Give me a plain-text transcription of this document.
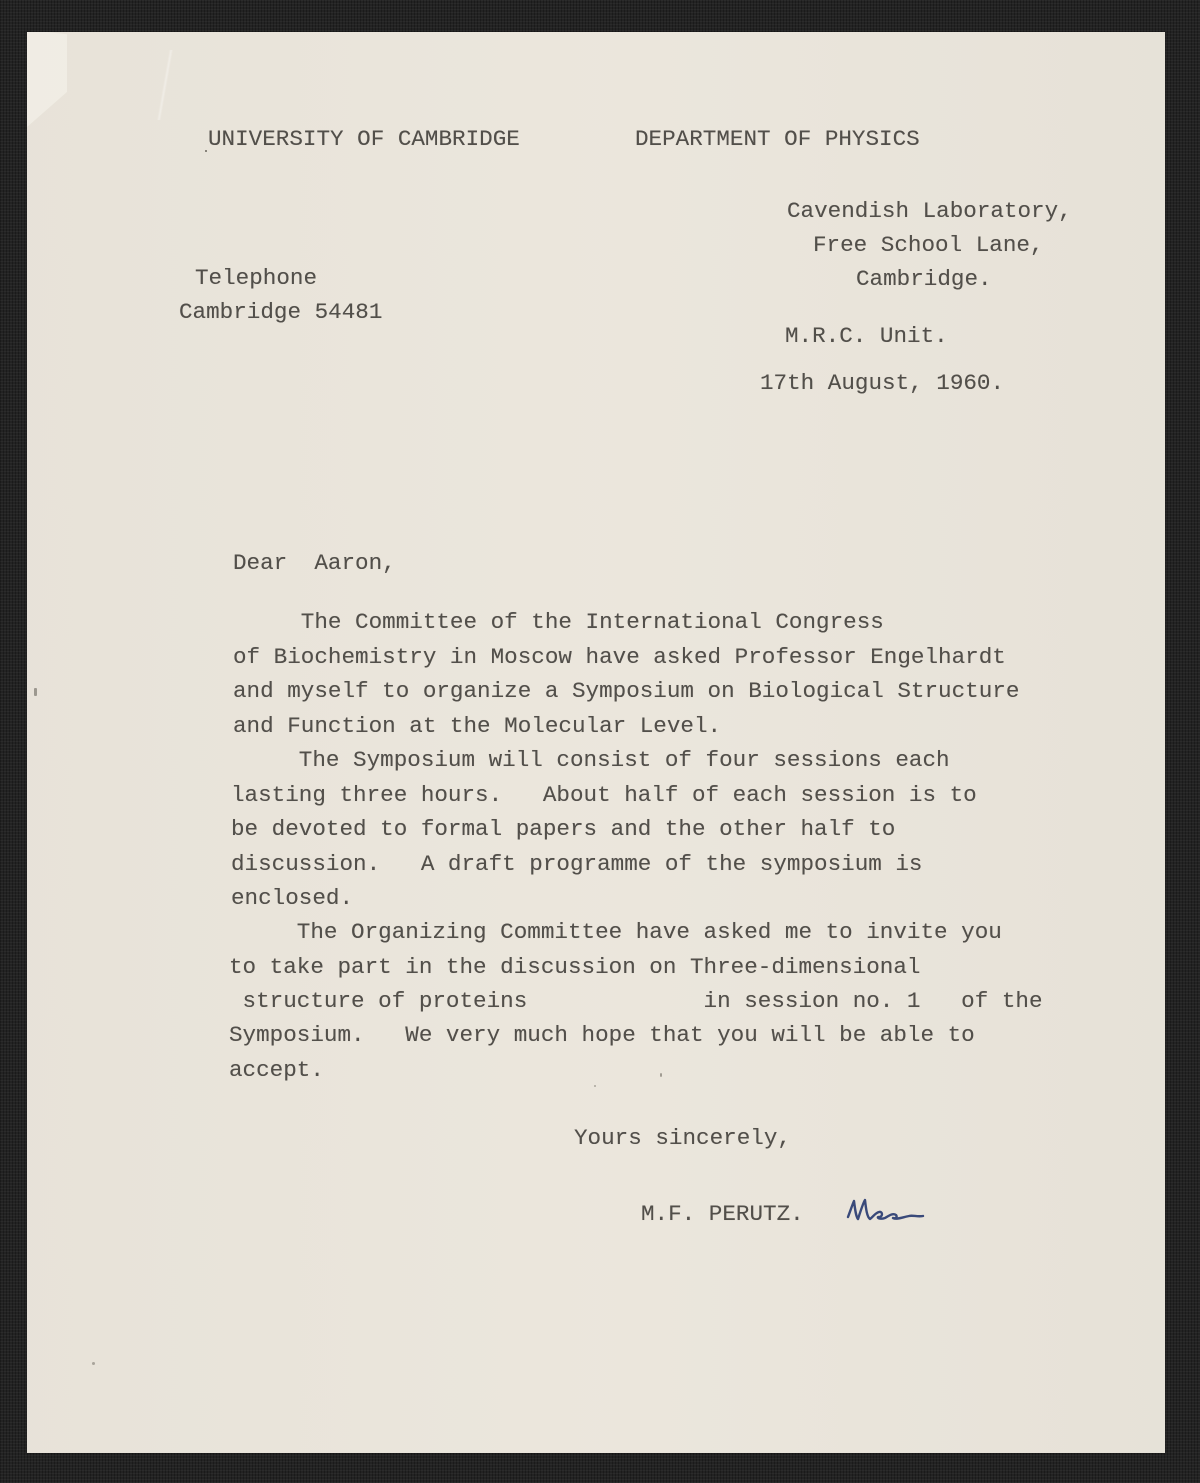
UNIVERSITY OF CAMBRIDGE	DEPARTMENT OF PHYSICS
Cavendish Laboratory,
Free School Lane,
Cambridge.
M.R.C. Unit.
17th August, 1960.
Telephone
Cambridge 54481
Dear  Aaron,
The Committee of the International Congress
of Biochemistry in Moscow have asked Professor Engelhardt
and myself to organize a Symposium on Biological Structure
and Function at the Molecular Level.
The Symposium will consist of four sessions each
lasting three hours.   About half of each session is to
be devoted to formal papers and the other half to
discussion.   A draft programme of the symposium is
enclosed.
The Organizing Committee have asked me to invite you
to take part in the discussion on Three-dimensional
structure of proteins             in session no. 1   of the
Symposium.   We very much hope that you will be able to
accept.
Yours sincerely,
M.F. PERUTZ.
